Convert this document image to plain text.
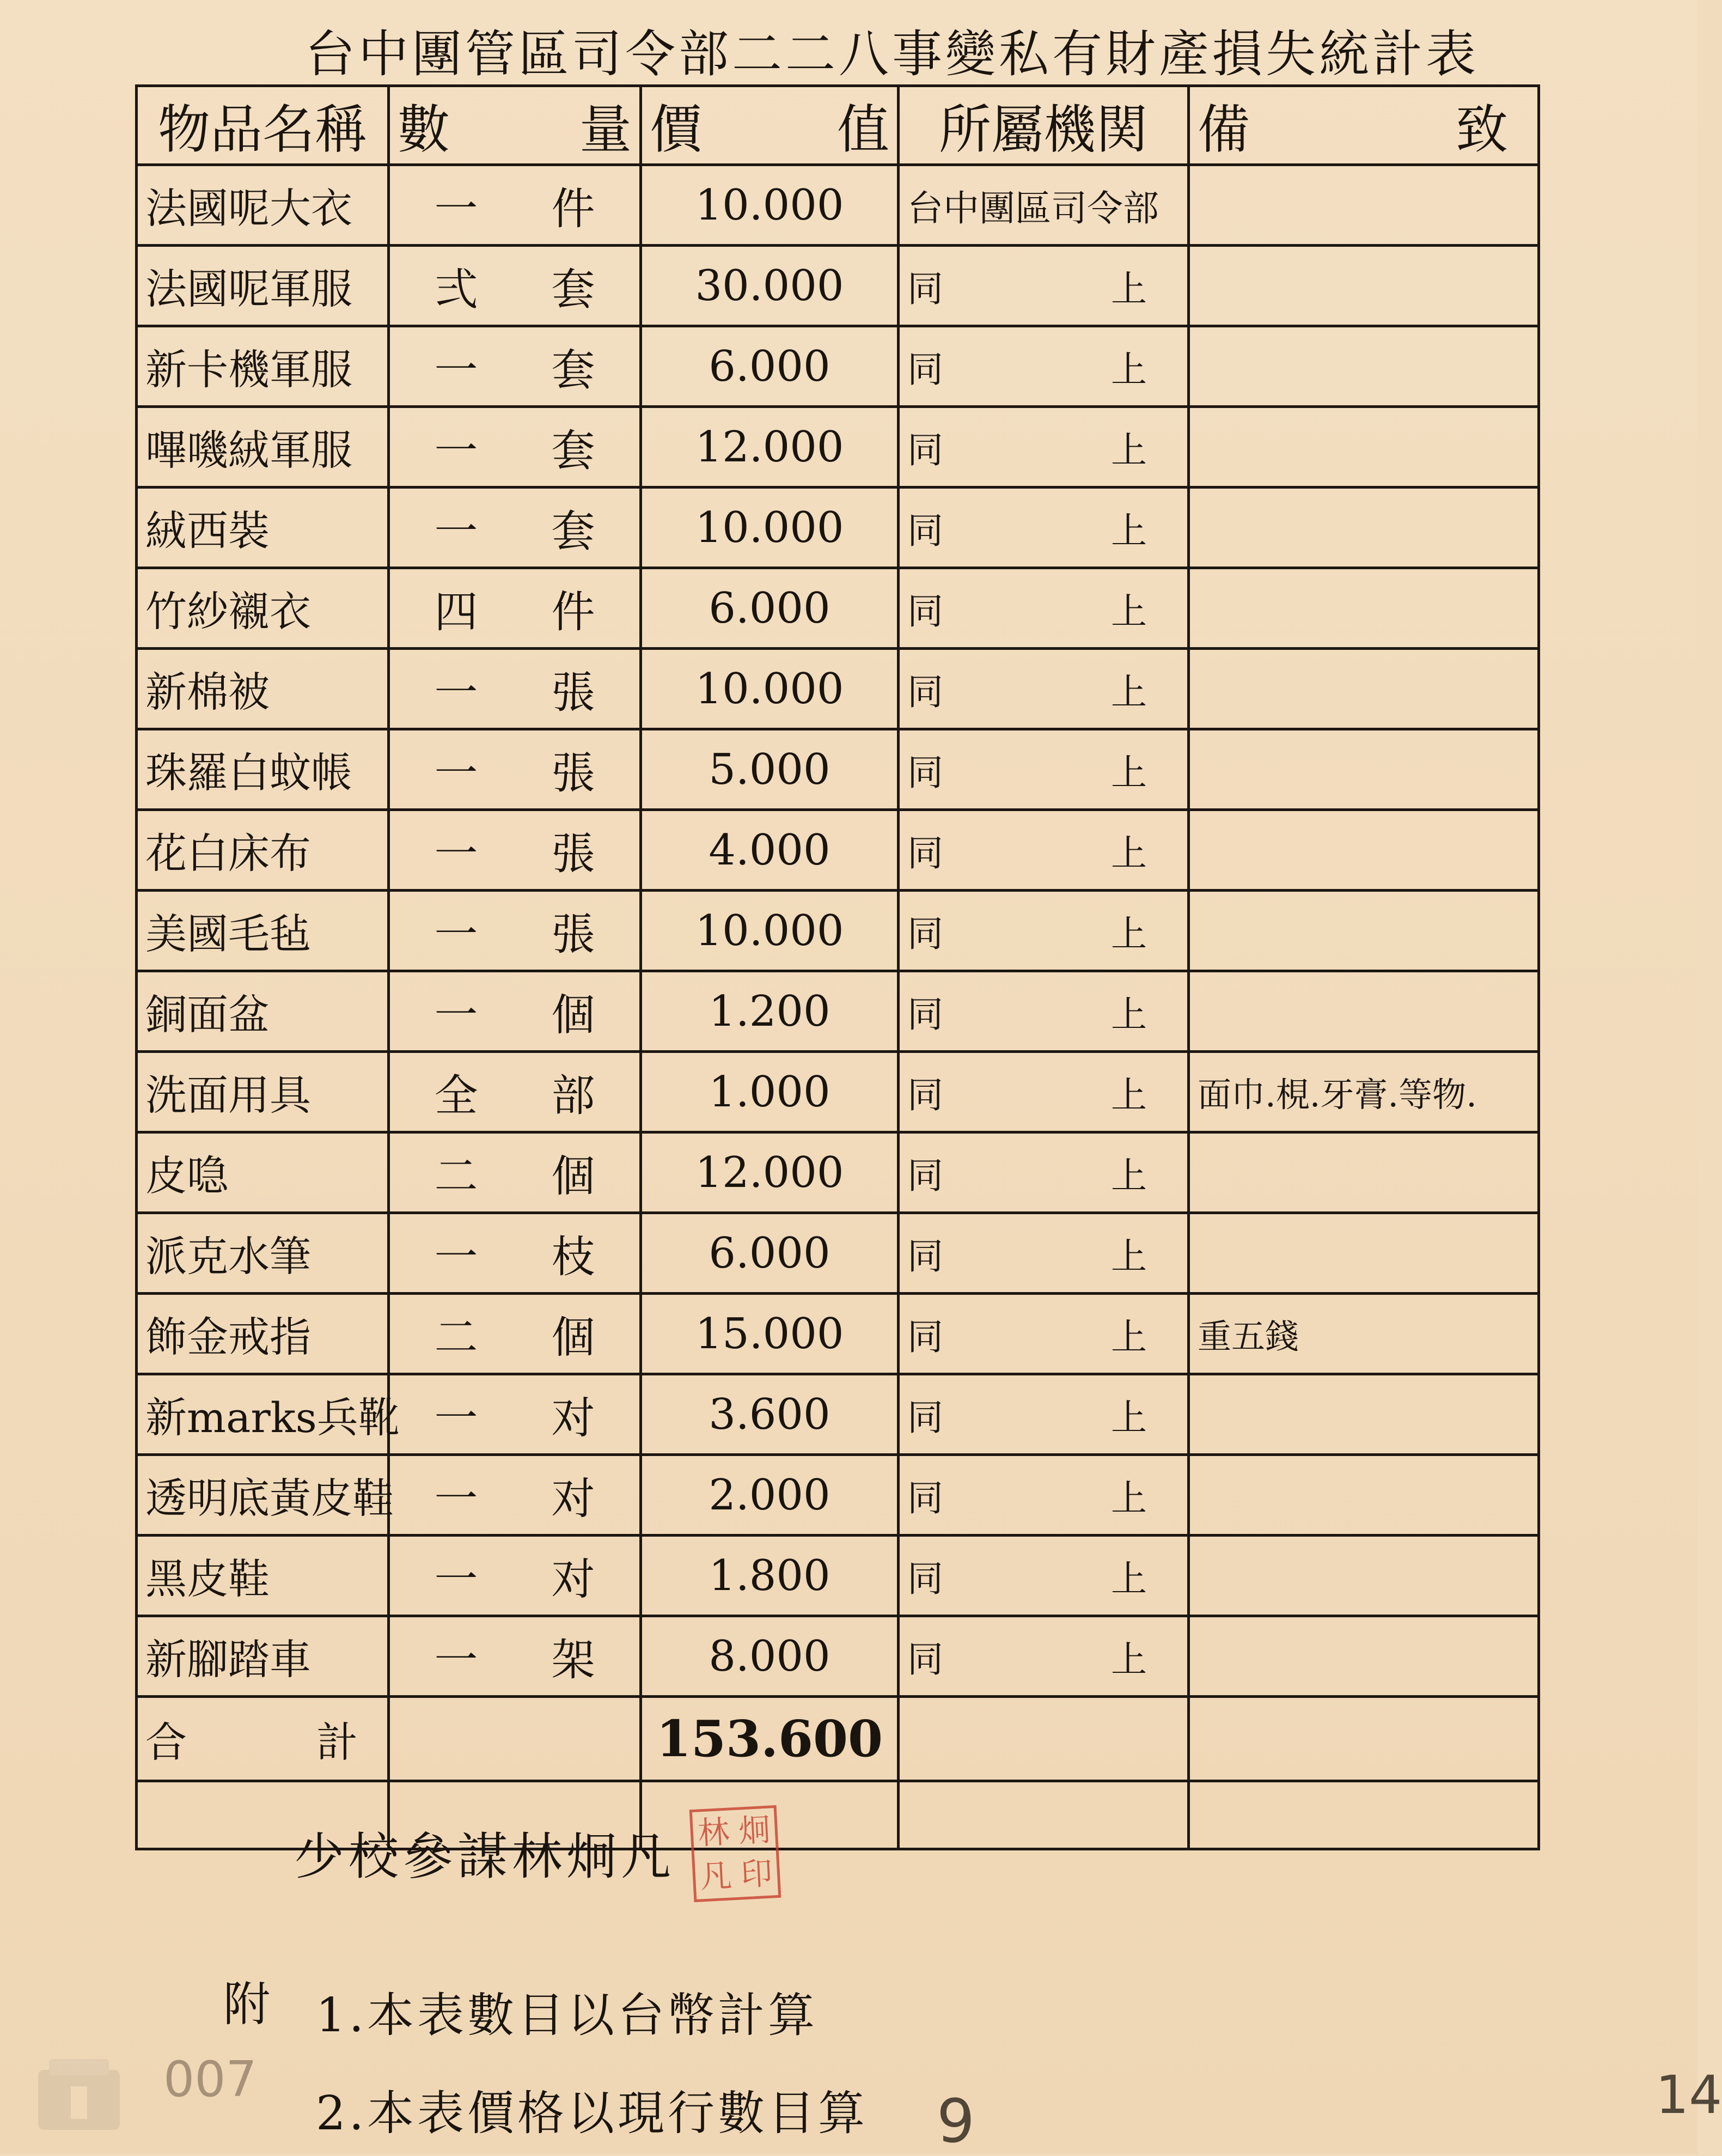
台中團管區司令部二二八事變私有財產損失統計表
物品名稱	數 量	價 值	所屬機関	備 致

法國呢大衣	一 件	10.000	台中團區司令部	

法國呢軍服	弍 套	30.000	同 上	

新卡機軍服	一 套	6.000	同 上	

嗶嘰絨軍服	一 套	12.000	同 上	

絨西裝	一 套	10.000	同 上	

竹紗襯衣	四 件	6.000	同 上	

新棉被	一 張	10.000	同 上	

珠羅白蚊帳	一 張	5.000	同 上	

花白床布	一 張	4.000	同 上	

美國毛毡	一 張	10.000	同 上	

銅面盆	一 個	1.200	同 上	

洗面用具	全 部	1.000	同 上	面巾.梘.牙膏.等物.
皮喼	二 個	12.000	同 上	

派克水筆	一 枝	6.000	同 上	

飾金戒指	二 個	15.000	同 上	重五錢
新marks兵靴	一 对	3.600	同 上	

透明底黃皮鞋	一 对	2.000	同 上	

黑皮鞋	一 对	1.800	同 上	

新腳踏車	一 架	8.000	同 上	

合 計		153.600		

少校參謀林炯凡 林 炯
凡 印
附 1.本表數目以台幣計算
2.本表價格以現行數目算
007
9	14
